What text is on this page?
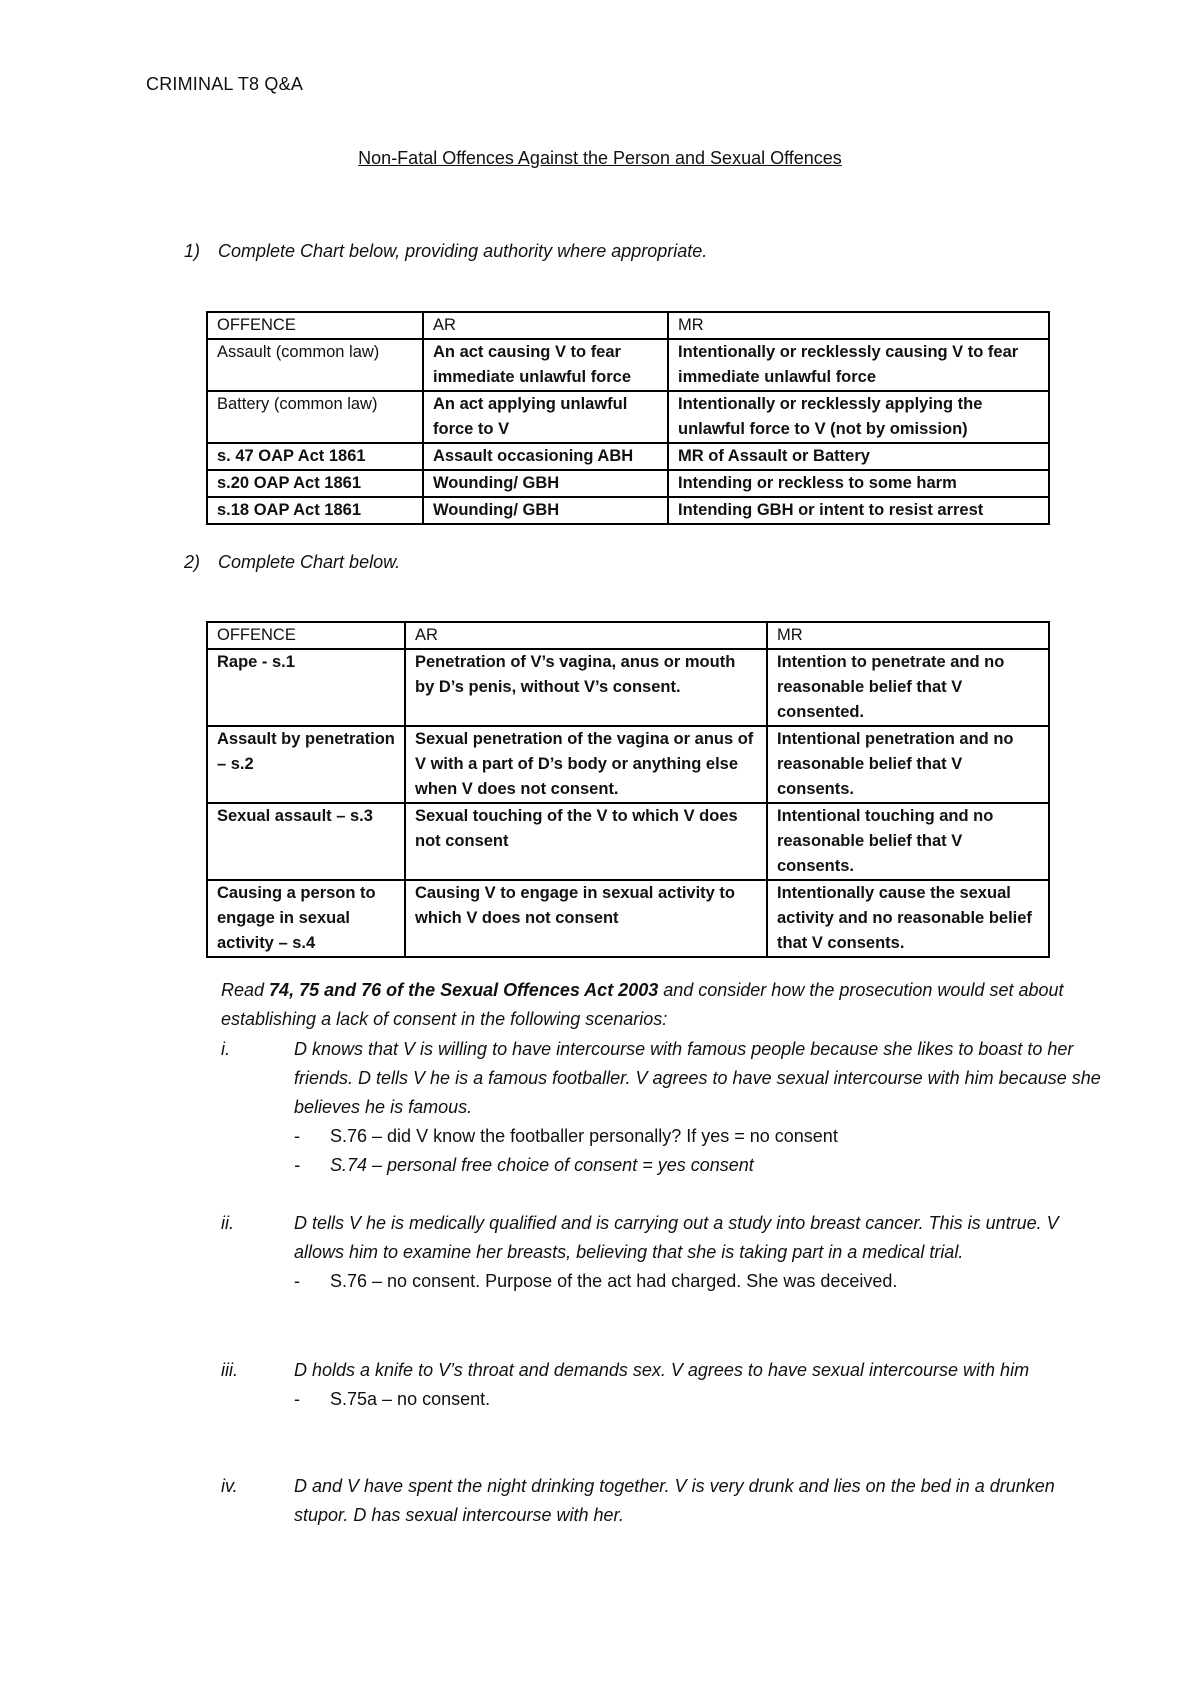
CRIMINAL T8 Q&A
Non-Fatal Offences Against the Person and Sexual Offences
1) Complete Chart below, providing authority where appropriate.
OFFENCE	AR	MR
Assault (common law)	An act causing V to fear immediate unlawful force	Intentionally or recklessly causing V to fear immediate unlawful force
Battery (common law)	An act applying unlawful force to V	Intentionally or recklessly applying the unlawful force to V (not by omission)
s. 47 OAP Act 1861	Assault occasioning ABH	MR of Assault or Battery
s.20 OAP Act 1861	Wounding/ GBH	Intending or reckless to some harm
s.18 OAP Act 1861	Wounding/ GBH	Intending GBH or intent to resist arrest
2) Complete Chart below.
OFFENCE	AR	MR
Rape - s.1	Penetration of V’s vagina, anus or mouth by D’s penis, without V’s consent.	Intention to penetrate and no reasonable belief that V consented.
Assault by penetration – s.2	Sexual penetration of the vagina or anus of V with a part of D’s body or anything else when V does not consent.	Intentional penetration and no reasonable belief that V consents.
Sexual assault – s.3	Sexual touching of the V to which V does not consent	Intentional touching and no reasonable belief that V consents.
Causing a person to engage in sexual activity – s.4	Causing V to engage in sexual activity to which V does not consent	Intentionally cause the sexual activity and no reasonable belief that V consents.
Read 74, 75 and 76 of the Sexual Offences Act 2003 and consider how the prosecution would set about establishing a lack of consent in the following scenarios:
i.	D knows that V is willing to have intercourse with famous people because she likes to boast to her friends. D tells V he is a famous footballer. V agrees to have sexual intercourse with him because she believes he is famous.
- S.76 – did V know the footballer personally? If yes = no consent
- S.74 – personal free choice of consent = yes consent
ii.	D tells V he is medically qualified and is carrying out a study into breast cancer. This is untrue. V allows him to examine her breasts, believing that she is taking part in a medical trial.
- S.76 – no consent. Purpose of the act had charged. She was deceived.
iii.	D holds a knife to V’s throat and demands sex. V agrees to have sexual intercourse with him
- S.75a – no consent.
iv.	D and V have spent the night drinking together. V is very drunk and lies on the bed in a drunken stupor. D has sexual intercourse with her.
